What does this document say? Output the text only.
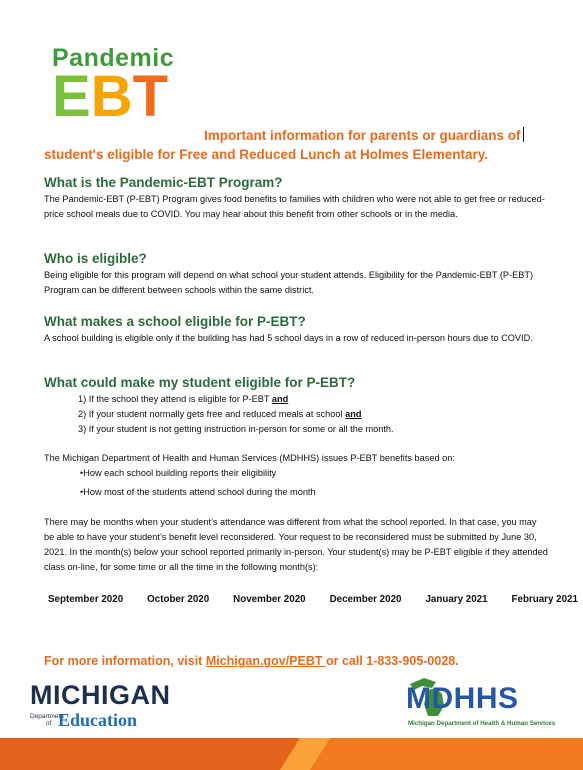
Pandemic
E B T
Important information for parents or guardians of
student's eligible for Free and Reduced Lunch at Holmes Elementary.
What is the Pandemic-EBT Program?

The Pandemic-EBT (P-EBT) Program gives food benefits to families with children who were not able to get free or reduced-price school meals due to COVID. You may hear about this benefit from other schools or in the media.

Who is eligible?

Being eligible for this program will depend on what school your student attends. Eligibility for the Pandemic-EBT (P-EBT) Program can be different between schools within the same district.

What makes a school eligible for P-EBT?

A school building is eligible only if the building has had 5 school days in a row of reduced in-person hours due to COVID.

What could make my student eligible for P-EBT?
1) If the school they attend is eligible for P-EBT and
2) If your student normally gets free and reduced meals at school and
3) If your student is not getting instruction in-person for some or all the month.

The Michigan Department of Health and Human Services (MDHHS) issues P-EBT benefits based on:

•How each school building reports their eligibility
•How most of the students attend school during the month

There may be months when your student’s attendance was different from what the school reported. In that case, you may be able to have your student’s benefit level reconsidered. Your request to be reconsidered must be submitted by June 30, 2021. In the month(s) below your school reported primarily in-person. Your student(s) may be P-EBT eligible if they attended class on-line, for some time or all the time in the following month(s):

September 2020 October 2020 November 2020 December 2020 January 2021 February 2021
For more information, visit Michigan.gov/PEBT or call 1-833-905-0028.
MICHIGAN
Department
of Education
MDHHS
Michigan Department of Health & Human Services
